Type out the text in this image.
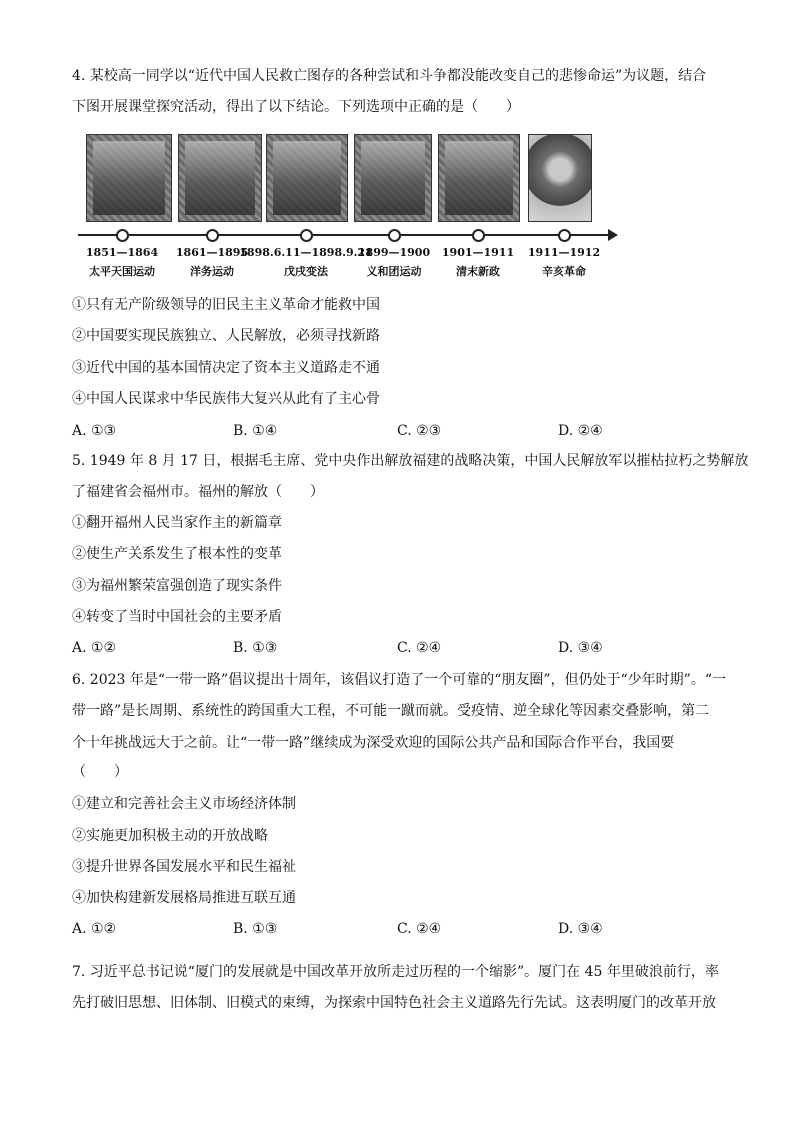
4. 某校高一同学以“近代中国人民救亡图存的各种尝试和斗争都没能改变自己的悲惨命运”为议题，结合
下图开展课堂探究活动，得出了以下结论。下列选项中正确的是（　　）
1851—1864 1861—1895
1898.6.11—1898.9.21
1899—1900 1901—1911 1911—1912
太平天国运动	洋务运动	戊戌变法	义和团运动	清末新政	辛亥革命
①只有无产阶级领导的旧民主主义革命才能救中国
②中国要实现民族独立、人民解放，必须寻找新路
③近代中国的基本国情决定了资本主义道路走不通
④中国人民谋求中华民族伟大复兴从此有了主心骨
A. ①③	B. ①④	C. ②③	D. ②④
5. 1949 年 8 月 17 日，根据毛主席、党中央作出解放福建的战略决策，中国人民解放军以摧枯拉朽之势解放
了福建省会福州市。福州的解放（　　）
①翻开福州人民当家作主的新篇章
②使生产关系发生了根本性的变革
③为福州繁荣富强创造了现实条件
④转变了当时中国社会的主要矛盾
A. ①②	B. ①③	C. ②④	D. ③④
6. 2023 年是“一带一路”倡议提出十周年，该倡议打造了一个可靠的“朋友圈”，但仍处于“少年时期”。“一
带一路”是长周期、系统性的跨国重大工程，不可能一蹴而就。受疫情、逆全球化等因素交叠影响，第二
个十年挑战远大于之前。让“一带一路”继续成为深受欢迎的国际公共产品和国际合作平台，我国要
（　　）
①建立和完善社会主义市场经济体制
②实施更加积极主动的开放战略
③提升世界各国发展水平和民生福祉
④加快构建新发展格局推进互联互通
A. ①②	B. ①③	C. ②④	D. ③④
7. 习近平总书记说“厦门的发展就是中国改革开放所走过历程的一个缩影”。厦门在 45 年里破浪前行，率
先打破旧思想、旧体制、旧模式的束缚，为探索中国特色社会主义道路先行先试。这表明厦门的改革开放
